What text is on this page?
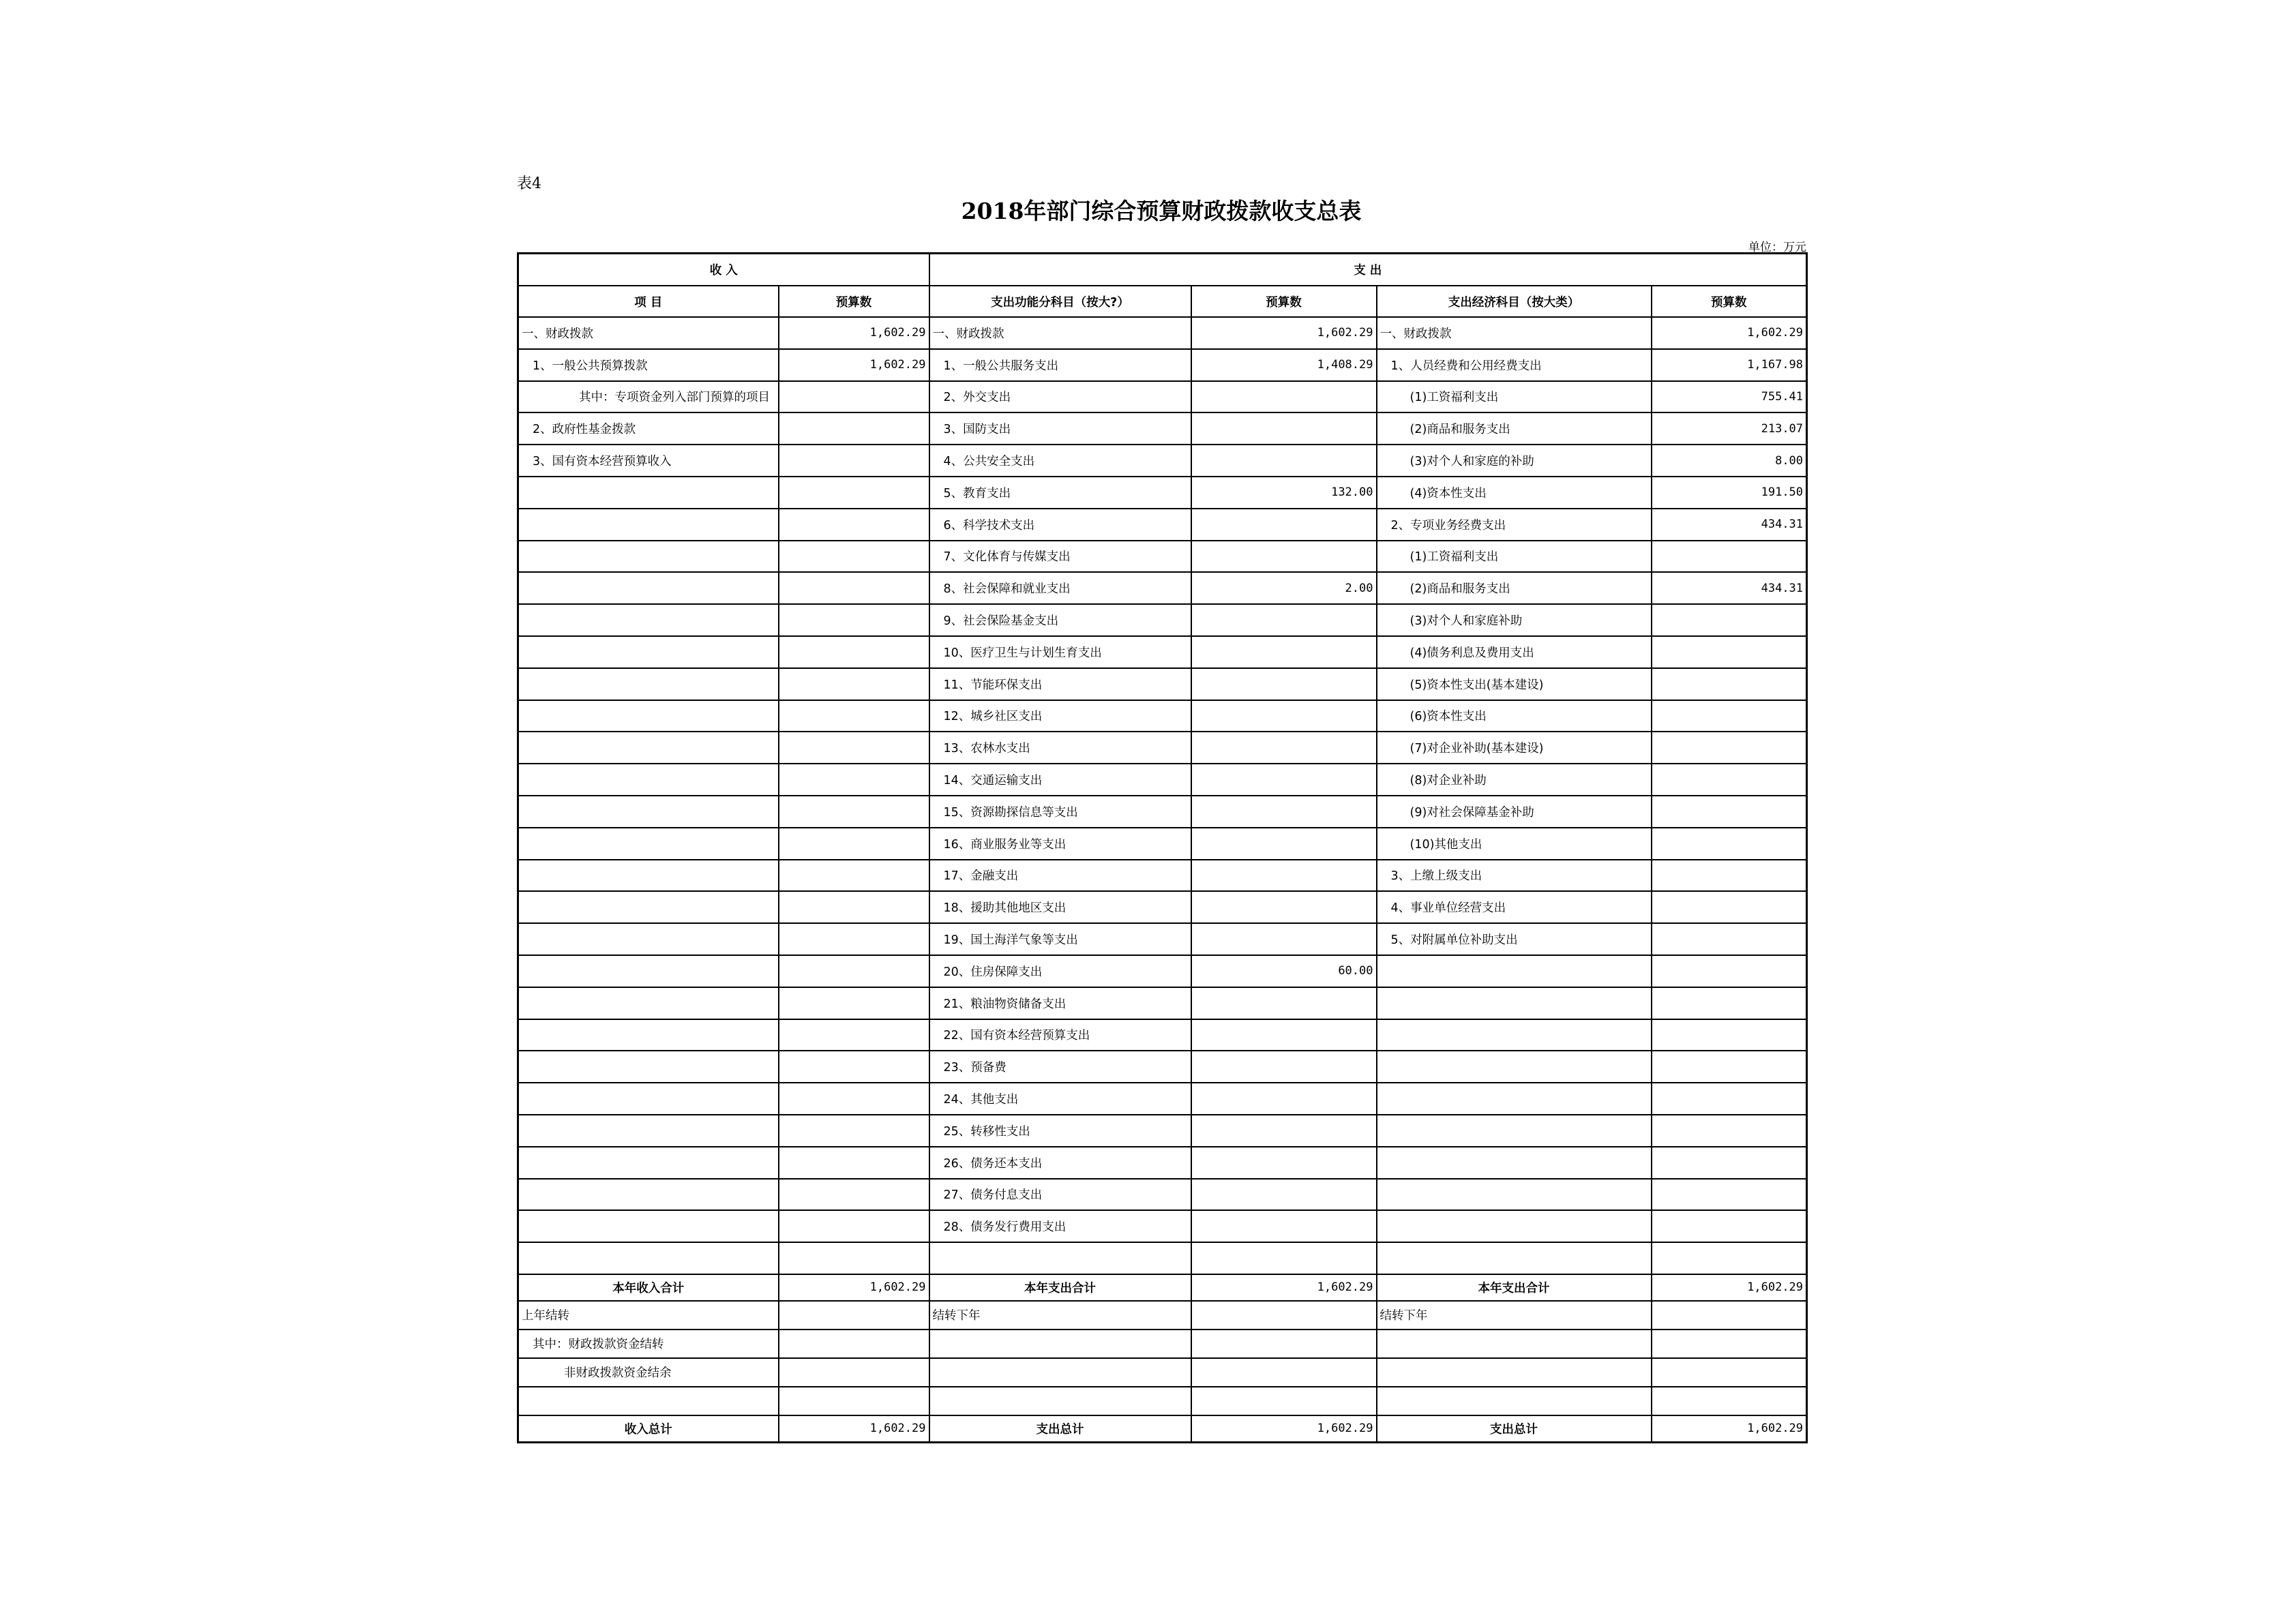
表4
2018年部门综合预算财政拨款收支总表
单位：万元
收 入		支 出			
项 目	预算数	支出功能分科目（按大?）	预算数	支出经济科目（按大类）	预算数
一、财政拨款	1,602.29	一、财政拨款	1,602.29	一、财政拨款	1,602.29
1、一般公共预算拨款	1,602.29	1、一般公共服务支出	1,408.29	1、人员经费和公用经费支出	1,167.98
其中：专项资金列入部门预算的项目		2、外交支出		(1)工资福利支出	755.41
2、政府性基金拨款		3、国防支出		(2)商品和服务支出	213.07
3、国有资本经营预算收入		4、公共安全支出		(3)对个人和家庭的补助	8.00
		5、教育支出	132.00	(4)资本性支出	191.50
		6、科学技术支出		2、专项业务经费支出	434.31
		7、文化体育与传媒支出		(1)工资福利支出	
		8、社会保障和就业支出	2.00	(2)商品和服务支出	434.31
		9、社会保险基金支出		(3)对个人和家庭补助	
		10、医疗卫生与计划生育支出		(4)债务利息及费用支出	
		11、节能环保支出		(5)资本性支出(基本建设)	
		12、城乡社区支出		(6)资本性支出	
		13、农林水支出		(7)对企业补助(基本建设)	
		14、交通运输支出		(8)对企业补助	
		15、资源勘探信息等支出		(9)对社会保障基金补助	
		16、商业服务业等支出		(10)其他支出	
		17、金融支出		3、上缴上级支出	
		18、援助其他地区支出		4、事业单位经营支出	
		19、国土海洋气象等支出		5、对附属单位补助支出	
		20、住房保障支出	60.00		
		21、粮油物资储备支出			
		22、国有资本经营预算支出			
		23、预备费			
		24、其他支出			
		25、转移性支出			
		26、债务还本支出			
		27、债务付息支出			
		28、债务发行费用支出			

本年收入合计	1,602.29	本年支出合计	1,602.29	本年支出合计	1,602.29
上年结转		结转下年		结转下年	
其中：财政拨款资金结转					
非财政拨款资金结余					

收入总计	1,602.29	支出总计	1,602.29	支出总计	1,602.29
